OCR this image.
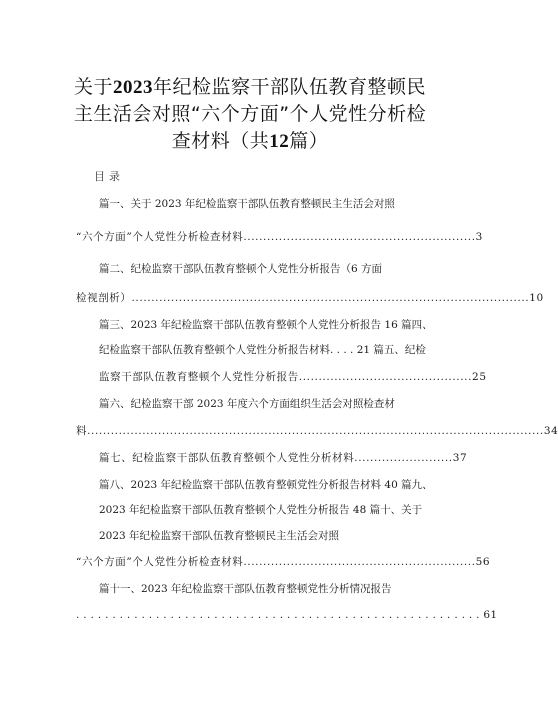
关于2023年纪检监察干部队伍教育整顿民
主生活会对照“六个方面”个人党性分析检
查材料（共12篇）
目录
篇一、关于 2023 年纪检监察干部队伍教育整顿民主生活会对照
“六个方面”个人党性分析检查材料...........................................................3
篇二、纪检监察干部队伍教育整顿个人党性分析报告（6 方面
检视剖析）.....................................................................................................10
篇三、2023 年纪检监察干部队伍教育整顿个人党性分析报告 16 篇四、
纪检监察干部队伍教育整顿个人党性分析报告材料. . . . 21 篇五、纪检
监察干部队伍教育整顿个人党性分析报告............................................25
篇六、纪检监察干部 2023 年度六个方面组织生活会对照检查材
料....................................................................................................................34
篇七、纪检监察干部队伍教育整顿个人党性分析材料.........................37
篇八、2023 年纪检监察干部队伍教育整顿党性分析报告材料 40 篇九、
2023 年纪检监察干部队伍教育整顿个人党性分析报告 48 篇十、关于
2023 年纪检监察干部队伍教育整顿民主生活会对照
“六个方面”个人党性分析检查材料...........................................................56
篇十一、2023 年纪检监察干部队伍教育整顿党性分析情况报告
. . . . . . . . . . . . . . . . . . . . . . . . . . . . . . . . . . . . . . . . . . . . . . . . . . . . . . . . 61
